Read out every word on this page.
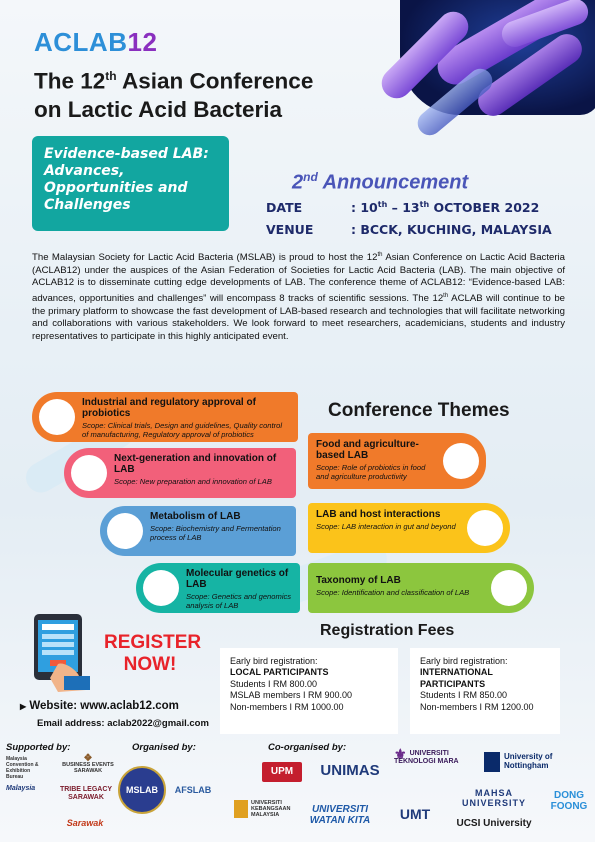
ACLAB12
The 12th Asian Conference
on Lactic Acid Bacteria
Evidence-based LAB: Advances, Opportunities and Challenges
2nd Announcement
DATE	: 10th – 13th OCTOBER 2022
VENUE	: BCCK, KUCHING, MALAYSIA
The Malaysian Society for Lactic Acid Bacteria (MSLAB) is proud to host the 12th Asian Conference on Lactic Acid Bacteria (ACLAB12) under the auspices of the Asian Federation of Societies for Lactic Acid Bacteria (LAB). The main objective of ACLAB12 is to disseminate cutting edge developments of LAB. The conference theme of ACLAB12: “Evidence-based LAB: advances, opportunities and challenges” will encompass 8 tracks of scientific sessions. The 12th ACLAB will continue to be the primary platform to showcase the fast development of LAB-based research and technologies that will facilitate networking and collaborations with various stakeholders. We look forward to meet researchers, academicians, students and industry representatives to participate in this highly anticipated event.
Conference Themes
Industrial and regulatory approval of probiotics
Scope: Clinical trials, Design and guidelines, Quality control of manufacturing, Regulatory approval of probiotics
Next-generation and innovation of LAB
Scope: New preparation and innovation of LAB
Metabolism of LAB
Scope: Biochemistry and Fermentation process of LAB
Molecular genetics of LAB
Scope: Genetics and genomics analysis of LAB
Food and agriculture-based LAB
Scope: Role of probiotics in food and agriculture productivity
LAB and host interactions
Scope: LAB interaction in gut and beyond
Taxonomy of LAB
Scope: Identification and classification of LAB
Registration Fees
REGISTER
NOW!	Early bird registration:
LOCAL PARTICIPANTS
Students I RM 800.00
MSLAB members I RM 900.00
Non-members I RM 1000.00
Early bird registration:
INTERNATIONAL PARTICIPANTS
Students I RM 850.00
Non-members I RM 1200.00
▶ Website: www.aclab12.com
Email address: aclab2022@gmail.com
Supported by:	Organised by:	Co-organised by:
Malaysia Convention & Exhibition Bureau
Malaysia
❖
BUSINESS EVENTS SARAWAK
TRIBE LEGACY SARAWAK
Sarawak
MSLAB	AFSLAB
UPM	UNIMAS
⚜ UNIVERSITI TEKNOLOGI MARA
University of Nottingham
UNIVERSITI KEBANGSAAN MALAYSIA	UNIVERSITI WATAN KITA	UMT
MAHSA UNIVERSITY
UCSI University
DONG FOONG
